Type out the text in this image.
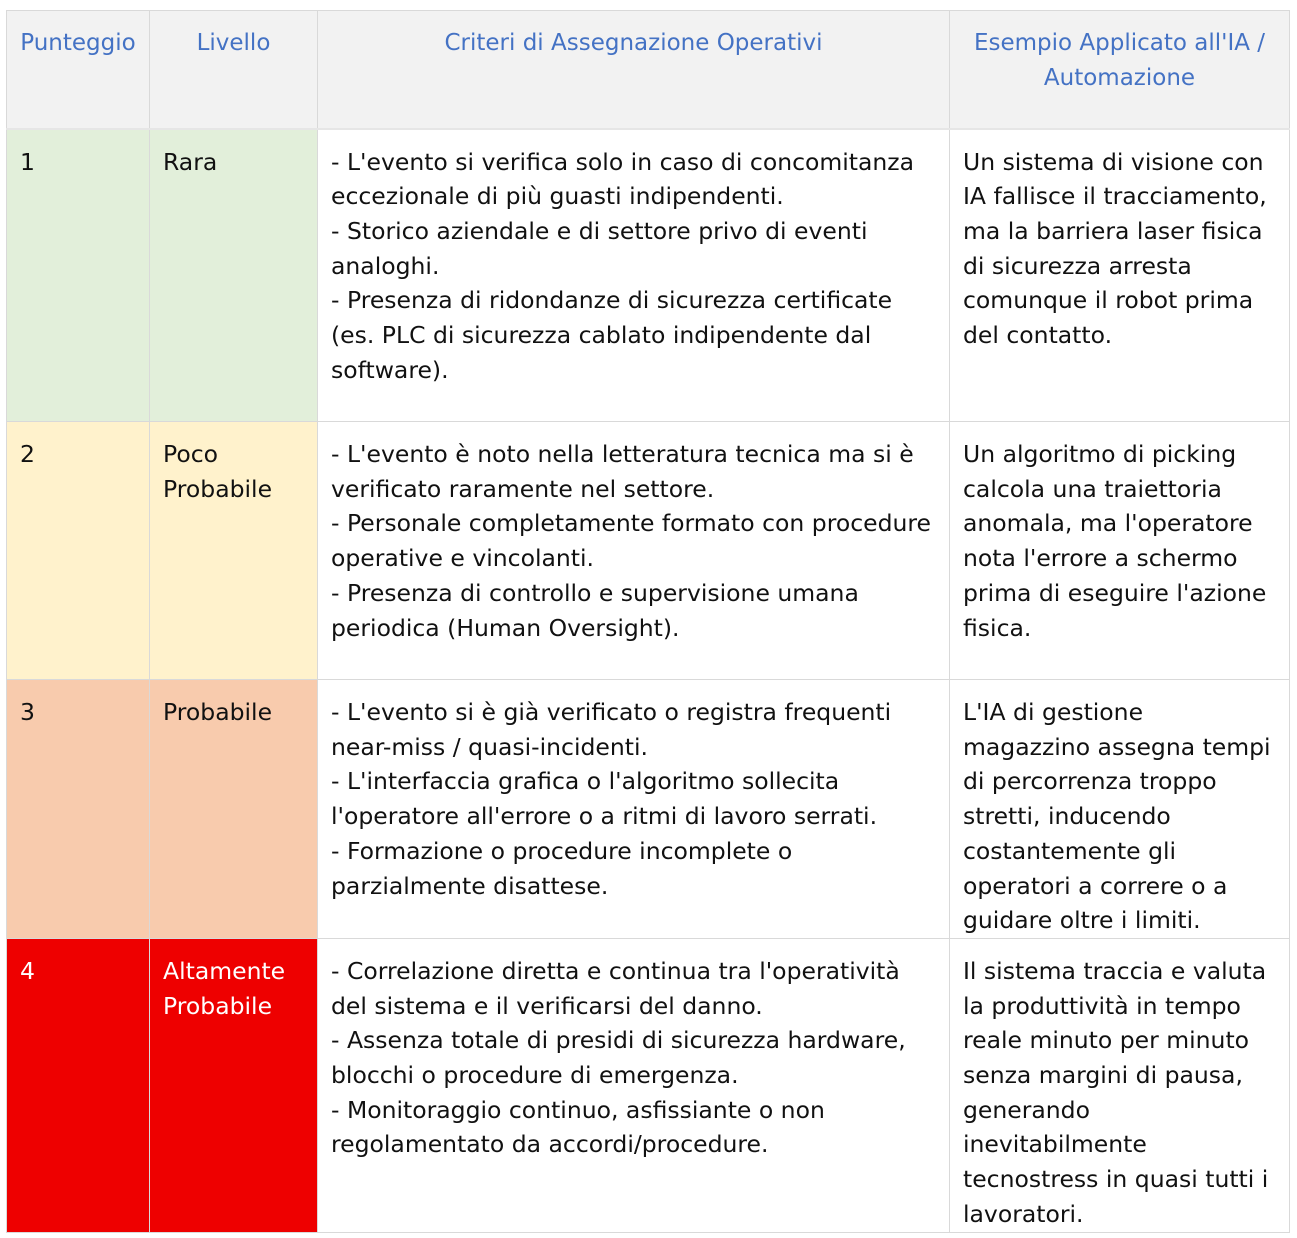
Punteggio	Livello	Criteri di Assegnazione Operativi	Esempio Applicato all'IA / Automazione
1	Rara	- L'evento si verifica solo in caso di concomitanza eccezionale di più guasti indipendenti.
- Storico aziendale e di settore privo di eventi analoghi.
- Presenza di ridondanze di sicurezza certificate (es. PLC di sicurezza cablato indipendente dal software).	Un sistema di visione con IA fallisce il tracciamento, ma la barriera laser fisica di sicurezza arresta comunque il robot prima del contatto.
2	Poco Probabile	- L'evento è noto nella letteratura tecnica ma si è verificato raramente nel settore.
- Personale completamente formato con procedure operative e vincolanti.
- Presenza di controllo e supervisione umana periodica (Human Oversight).	Un algoritmo di picking calcola una traiettoria anomala, ma l'operatore nota l'errore a schermo prima di eseguire l'azione fisica.
3	Probabile	- L'evento si è già verificato o registra frequenti near-miss / quasi-incidenti.
- L'interfaccia grafica o l'algoritmo sollecita l'operatore all'errore o a ritmi di lavoro serrati.
- Formazione o procedure incomplete o parzialmente disattese.	L'IA di gestione magazzino assegna tempi di percorrenza troppo stretti, inducendo costantemente gli operatori a correre o a guidare oltre i limiti.
4	Altamente Probabile	- Correlazione diretta e continua tra l'operatività del sistema e il verificarsi del danno.
- Assenza totale di presidi di sicurezza hardware, blocchi o procedure di emergenza.
- Monitoraggio continuo, asfissiante o non regolamentato da accordi/procedure.	Il sistema traccia e valuta la produttività in tempo reale minuto per minuto senza margini di pausa, generando inevitabilmente tecnostress in quasi tutti i lavoratori.
